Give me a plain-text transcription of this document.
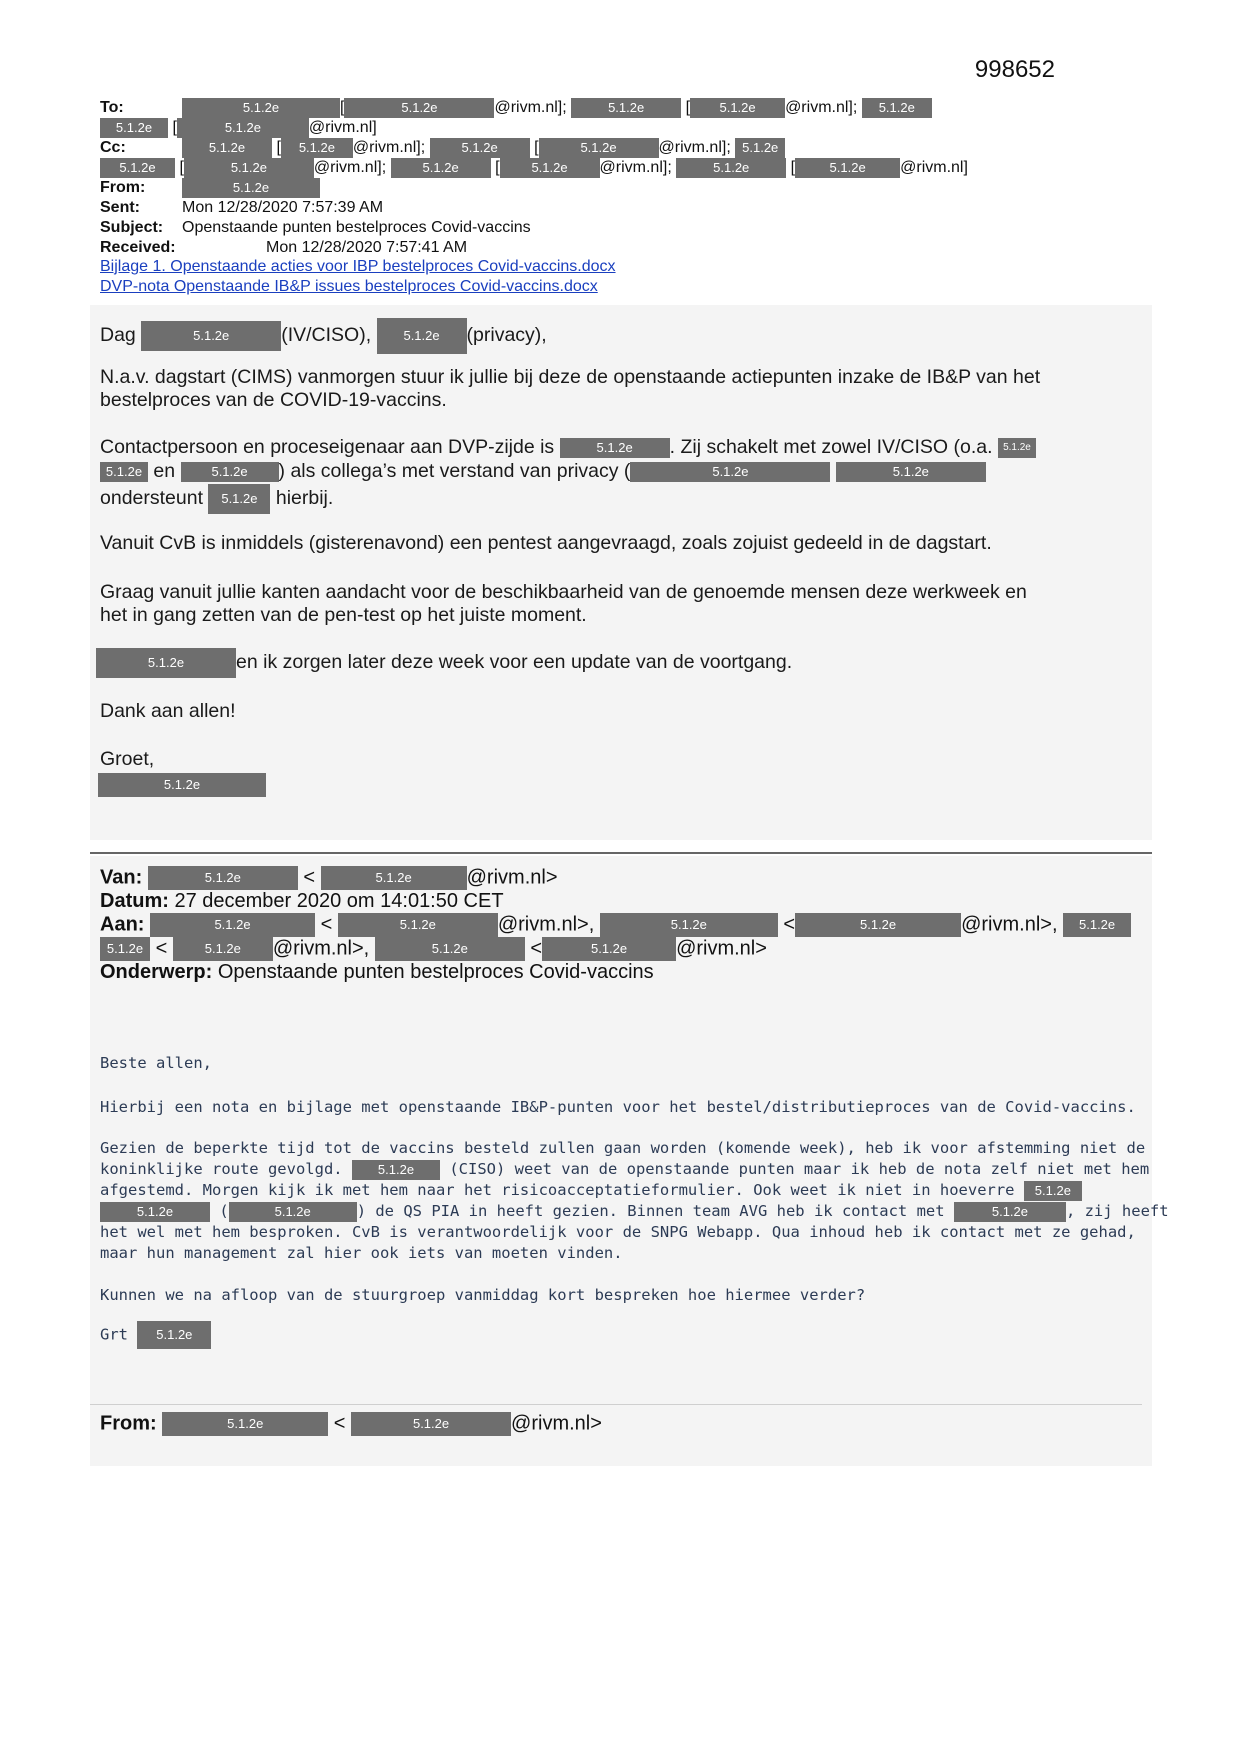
998652
To:	5.1.2e	[	5.1.2e	@rivm.nl];	5.1.2e	[ 5.1.2e @rivm.nl]; 5.1.2e
5.1.2e [	5.1.2e	@rivm.nl]
Cc:	5.1.2e [ 5.1.2e @rivm.nl];	5.1.2e [	5.1.2e	@rivm.nl]; 5.1.2e
5.1.2e [	5.1.2e	@rivm.nl];	5.1.2e [ 5.1.2e @rivm.nl];	5.1.2e	[	5.1.2e @rivm.nl]
From:	5.1.2e
Sent:	Mon 12/28/2020 7:57:39 AM
Subject: Openstaande punten bestelproces Covid-vaccins
Received:	Mon 12/28/2020 7:57:41 AM
Bijlage 1. Openstaande acties voor IBP bestelproces Covid-vaccins.docx
DVP-nota Openstaande IB&P issues bestelproces Covid-vaccins.docx
Dag	5.1.2e	(IV/CISO), 5.1.2e (privacy),
N.a.v. dagstart (CIMS) vanmorgen stuur ik jullie bij deze de openstaande actiepunten inzake de IB&P van het
bestelproces van de COVID-19-vaccins.
Contactpersoon en proceseigenaar aan DVP-zijde is	5.1.2e . Zij schakelt met zowel IV/CISO (o.a. 5.1.2e
5.1.2e en	5.1.2e ) als collega’s met verstand van privacy (	5.1.2e	5.1.2e
ondersteunt 5.1.2e hierbij.
Vanuit CvB is inmiddels (gisterenavond) een pentest aangevraagd, zoals zojuist gedeeld in de dagstart.
Graag vanuit jullie kanten aandacht voor de beschikbaarheid van de genoemde mensen deze werkweek en
het in gang zetten van de pen-test op het juiste moment.
5.1.2e	en ik zorgen later deze week voor een update van de voortgang.
Dank aan allen!
Groet,
5.1.2e
Van:	5.1.2e	<	5.1.2e	@rivm.nl>
Datum: 27 december 2020 om 14:01:50 CET
Aan:	5.1.2e	<	5.1.2e	@rivm.nl>,	5.1.2e	<	5.1.2e	@rivm.nl>, 5.1.2e
5.1.2e <	5.1.2e @rivm.nl>,	5.1.2e	<	5.1.2e @rivm.nl>
Onderwerp: Openstaande punten bestelproces Covid-vaccins
Beste allen,
Hierbij een nota en bijlage met openstaande IB&P-punten voor het bestel/distributieproces van de Covid-vaccins.
Gezien de beperkte tijd tot de vaccins besteld zullen gaan worden (komende week), heb ik voor afstemming niet de
koninklijke route gevolgd.	5.1.2e (CISO) weet van de openstaande punten maar ik heb de nota zelf niet met hem
afgestemd. Morgen kijk ik met hem naar het risicoacceptatieformulier. Ook weet ik niet in hoeverre 5.1.2e
5.1.2e	(	5.1.2e	) de QS PIA in heeft gezien. Binnen team AVG heb ik contact met	5.1.2e , zij heeft
het wel met hem besproken. CvB is verantwoordelijk voor de SNPG Webapp. Qua inhoud heb ik contact met ze gehad,
maar hun management zal hier ook iets van moeten vinden.
Kunnen we na afloop van de stuurgroep vanmiddag kort bespreken hoe hiermee verder?
Grt 5.1.2e
From:	5.1.2e	<	5.1.2e	@rivm.nl>
